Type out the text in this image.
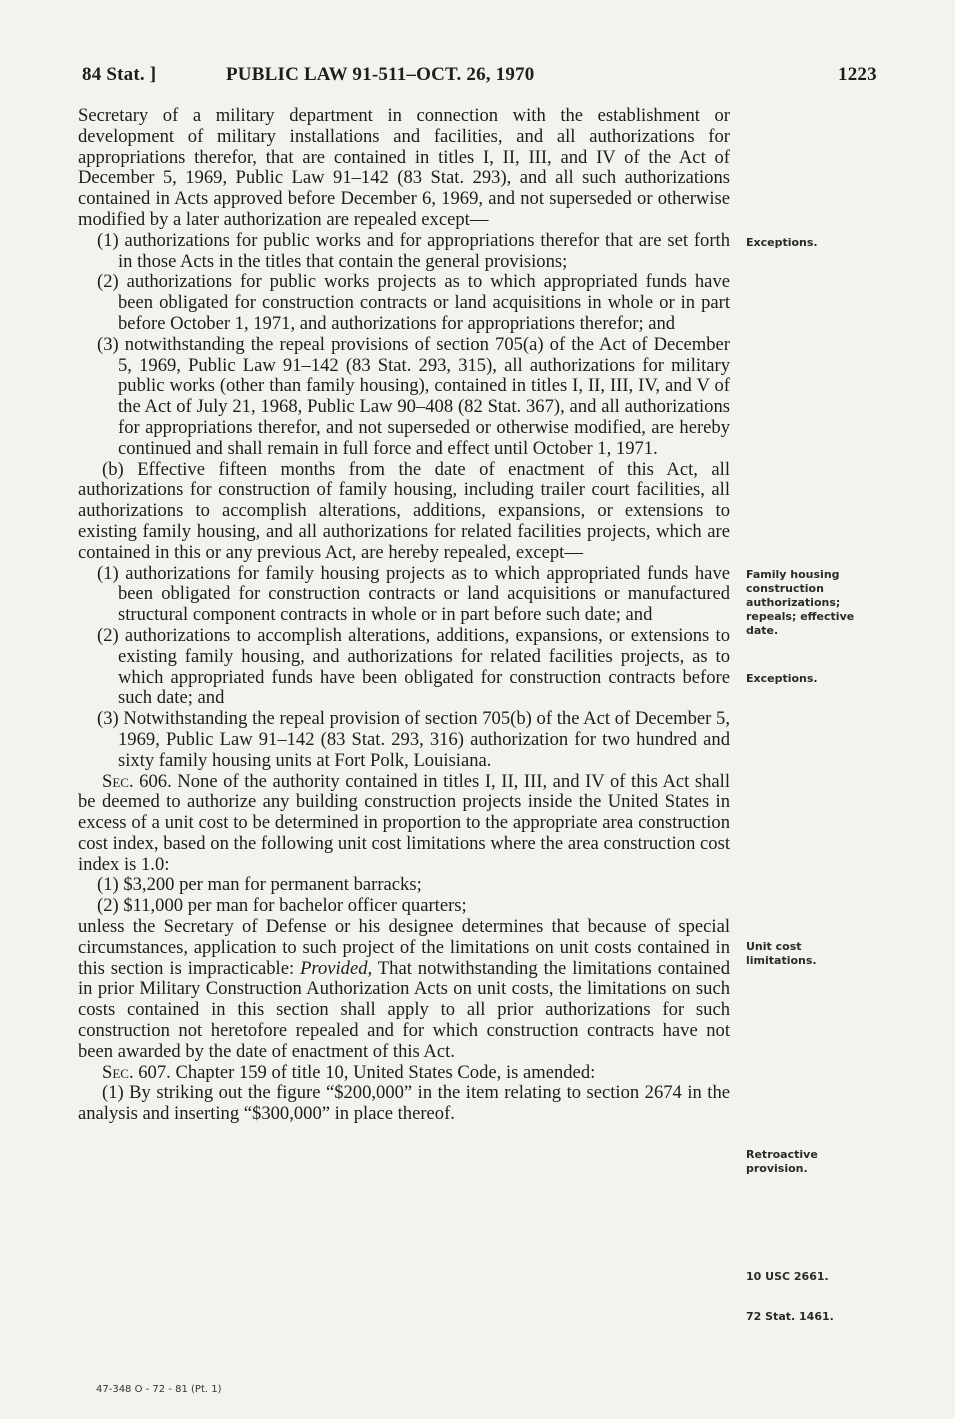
84 Stat. ]	PUBLIC LAW 91-511–OCT. 26, 1970	1223

Secretary of a military department in connection with the establishment or development of military installations and facilities, and all authorizations for appropriations therefor, that are contained in titles I, II, III, and IV of the Act of December 5, 1969, Public Law 91–142 (83 Stat. 293), and all such authorizations contained in Acts approved before December 6, 1969, and not superseded or otherwise modified by a later authorization are repealed except—

(1) authorizations for public works and for appropriations therefor that are set forth in those Acts in the titles that contain the general provisions;

(2) authorizations for public works projects as to which appropriated funds have been obligated for construction contracts or land acquisitions in whole or in part before October 1, 1971, and authorizations for appropriations therefor; and

(3) notwithstanding the repeal provisions of section 705(a) of the Act of December 5, 1969, Public Law 91–142 (83 Stat. 293, 315), all authorizations for military public works (other than family housing), contained in titles I, II, III, IV, and V of the Act of July 21, 1968, Public Law 90–408 (82 Stat. 367), and all authorizations for appropriations therefor, and not superseded or otherwise modified, are hereby continued and shall remain in full force and effect until October 1, 1971.

(b) Effective fifteen months from the date of enactment of this Act, all authorizations for construction of family housing, including trailer court facilities, all authorizations to accomplish alterations, additions, expansions, or extensions to existing family housing, and all authorizations for related facilities projects, which are contained in this or any previous Act, are hereby repealed, except—

(1) authorizations for family housing projects as to which appropriated funds have been obligated for construction contracts or land acquisitions or manufactured structural component contracts in whole or in part before such date; and

(2) authorizations to accomplish alterations, additions, expansions, or extensions to existing family housing, and authorizations for related facilities projects, as to which appropriated funds have been obligated for construction contracts before such date; and

(3) Notwithstanding the repeal provision of section 705(b) of the Act of December 5, 1969, Public Law 91–142 (83 Stat. 293, 316) authorization for two hundred and sixty family housing units at Fort Polk, Louisiana.

Sec. 606. None of the authority contained in titles I, II, III, and IV of this Act shall be deemed to authorize any building construction projects inside the United States in excess of a unit cost to be determined in proportion to the appropriate area construction cost index, based on the following unit cost limitations where the area construction cost index is 1.0:

(1) $3,200 per man for permanent barracks;

(2) $11,000 per man for bachelor officer quarters;

unless the Secretary of Defense or his designee determines that because of special circumstances, application to such project of the limitations on unit costs contained in this section is impracticable: Provided, That notwithstanding the limitations contained in prior Military Construction Authorization Acts on unit costs, the limitations on such costs contained in this section shall apply to all prior authorizations for such construction not heretofore repealed and for which construction contracts have not been awarded by the date of enactment of this Act.

Sec. 607. Chapter 159 of title 10, United States Code, is amended:

(1) By striking out the figure “$200,000” in the item relating to section 2674 in the analysis and inserting “$300,000” in place thereof.

Exceptions.
Family housing construction authorizations; repeals; effective date.
Exceptions.
Unit cost limitations.
Retroactive provision.
10 USC 2661.
72 Stat. 1461.
47-348 O - 72 - 81 (Pt. 1)
